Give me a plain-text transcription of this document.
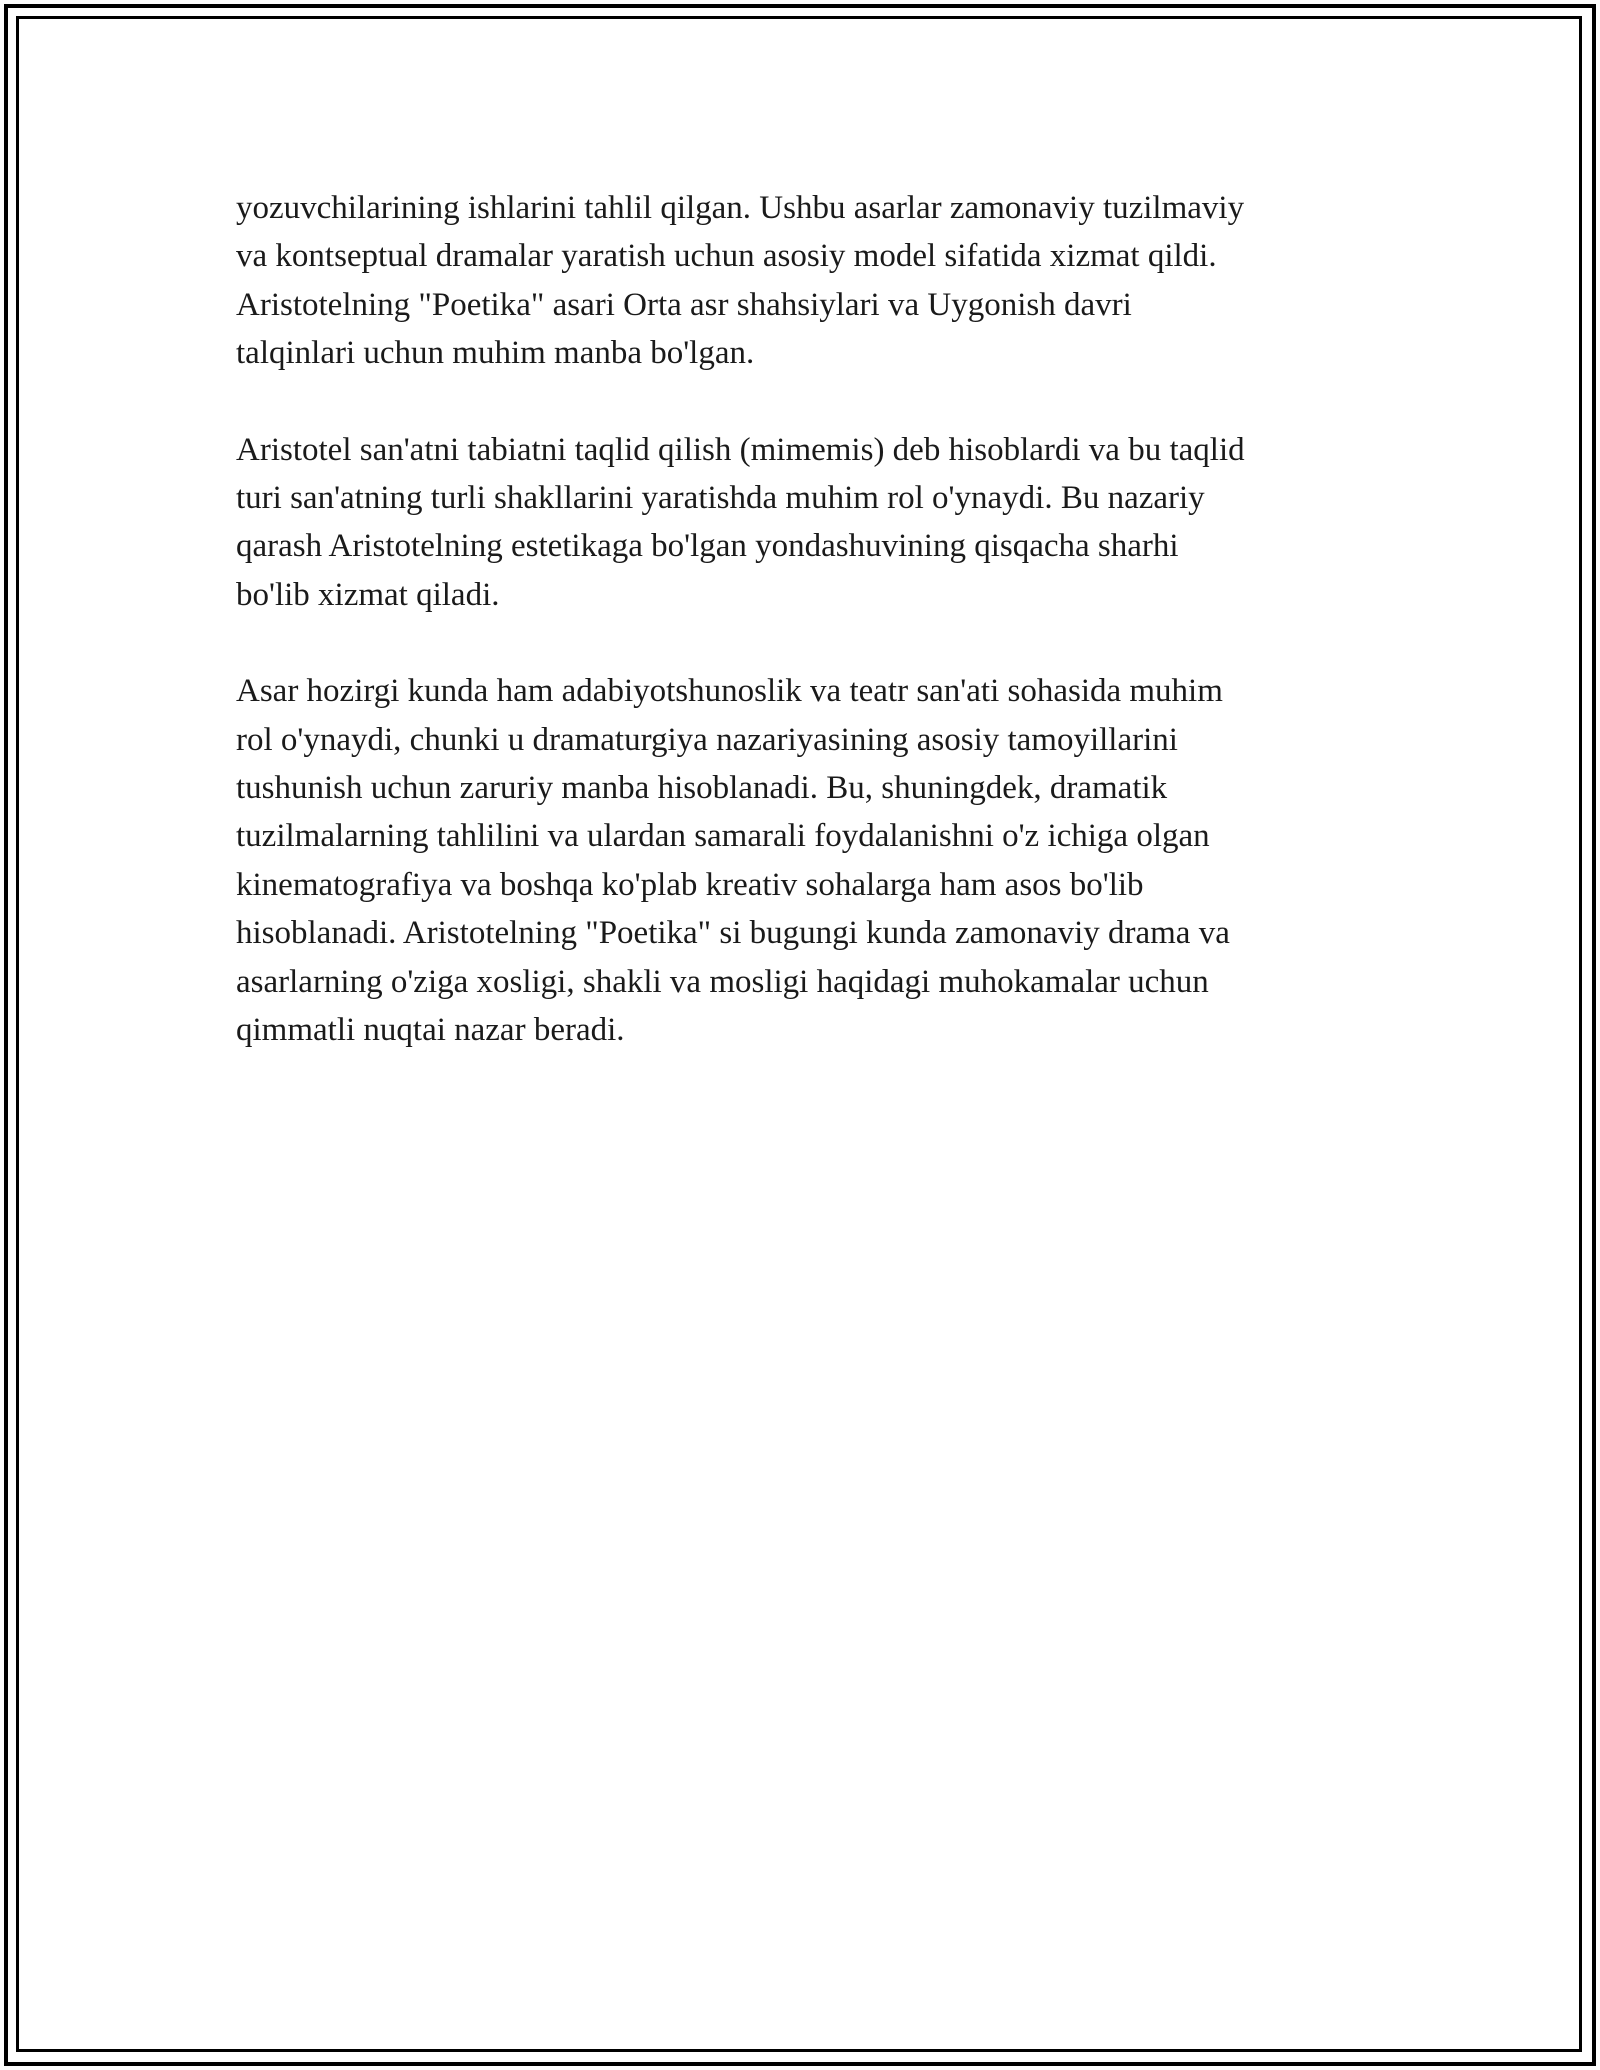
yozuvchilarining ishlarini tahlil qilgan. Ushbu asarlar zamonaviy tuzilmaviy
va kontseptual dramalar yaratish uchun asosiy model sifatida xizmat qildi.
Aristotelning "Poetika" asari Orta asr shahsiylari va Uygonish davri
talqinlari uchun muhim manba bo'lgan.

Aristotel san'atni tabiatni taqlid qilish (mimemis) deb hisoblardi va bu taqlid
turi san'atning turli shakllarini yaratishda muhim rol o'ynaydi. Bu nazariy
qarash Aristotelning estetikaga bo'lgan yondashuvining qisqacha sharhi
bo'lib xizmat qiladi.

Asar hozirgi kunda ham adabiyotshunoslik va teatr san'ati sohasida muhim
rol o'ynaydi, chunki u dramaturgiya nazariyasining asosiy tamoyillarini
tushunish uchun zaruriy manba hisoblanadi. Bu, shuningdek, dramatik
tuzilmalarning tahlilini va ulardan samarali foydalanishni o'z ichiga olgan
kinematografiya va boshqa ko'plab kreativ sohalarga ham asos bo'lib
hisoblanadi. Aristotelning "Poetika" si bugungi kunda zamonaviy drama va
asarlarning o'ziga xosligi, shakli va mosligi haqidagi muhokamalar uchun
qimmatli nuqtai nazar beradi.
